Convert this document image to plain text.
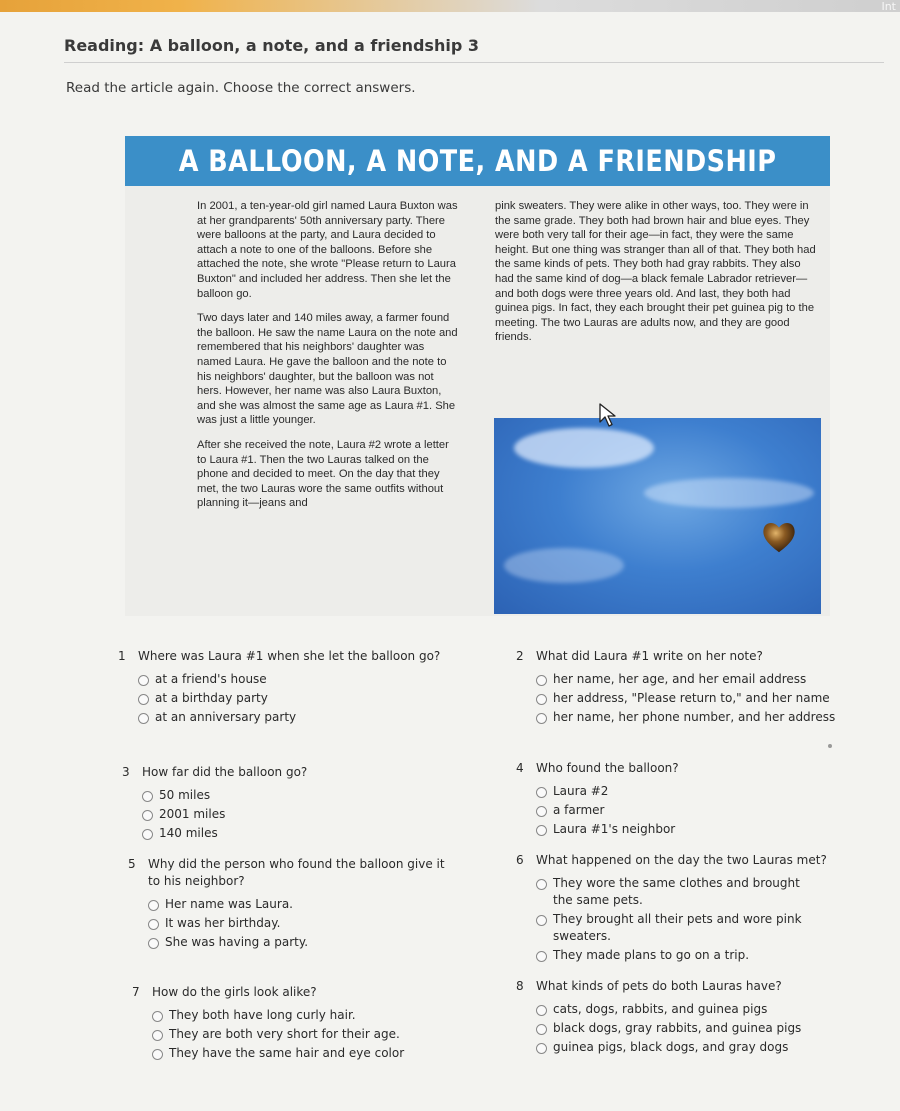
Int
Reading: A balloon, a note, and a friendship 3
Read the article again. Choose the correct answers.
A BALLOON, A NOTE, AND A FRIENDSHIP

In 2001, a ten-year-old girl named Laura Buxton was at her grandparents' 50th anniversary party. There were balloons at the party, and Laura decided to attach a note to one of the balloons. Before she attached the note, she wrote "Please return to Laura Buxton" and included her address. Then she let the balloon go.

Two days later and 140 miles away, a farmer found the balloon. He saw the name Laura on the note and remembered that his neighbors' daughter was named Laura. He gave the balloon and the note to his neighbors' daughter, but the balloon was not hers. However, her name was also Laura Buxton, and she was almost the same age as Laura #1. She was just a little younger.

After she received the note, Laura #2 wrote a letter to Laura #1. Then the two Lauras talked on the phone and decided to meet. On the day that they met, the two Lauras wore the same outfits without planning it—jeans and

pink sweaters. They were alike in other ways, too. They were in the same grade. They both had brown hair and blue eyes. They were both very tall for their age—in fact, they were the same height. But one thing was stranger than all of that. They both had the same kinds of pets. They both had gray rabbits. They also had the same kind of dog—a black female Labrador retriever—and both dogs were three years old. And last, they both had guinea pigs. In fact, they each brought their pet guinea pig to the meeting. The two Lauras are adults now, and they are good friends.

1 Where was Laura #1 when she let the balloon go?
at a friend's house
at a birthday party
at an anniversary party
2 What did Laura #1 write on her note?
her name, her age, and her email address
her address, "Please return to," and her name
her name, her phone number, and her address
3 How far did the balloon go?
50 miles
2001 miles
140 miles
4 Who found the balloon?
Laura #2
a farmer
Laura #1's neighbor
5	Why did the person who found the balloon give it to his neighbor?
Her name was Laura.
It was her birthday.
She was having a party.
6 What happened on the day the two Lauras met?
They wore the same clothes and brought the same pets.
They brought all their pets and wore pink sweaters.
They made plans to go on a trip.
7 How do the girls look alike?
They both have long curly hair.
They are both very short for their age.
They have the same hair and eye color
8 What kinds of pets do both Lauras have?
cats, dogs, rabbits, and guinea pigs
black dogs, gray rabbits, and guinea pigs
guinea pigs, black dogs, and gray dogs
